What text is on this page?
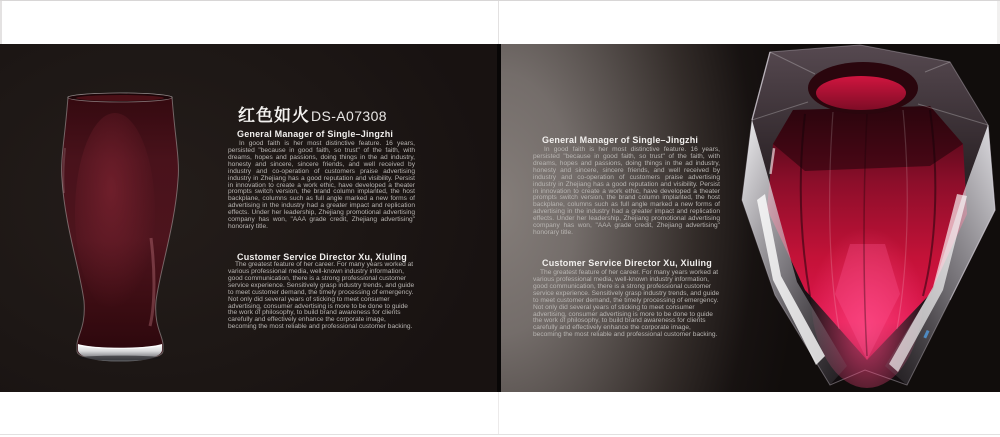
红色如火 DS-A07308
General Manager of Single–Jingzhi
In good faith is her most distinctive feature. 16 years, persisted "because in good faith, so trust" of the faith, with dreams, hopes and passions, doing things in the ad industry, honesty and sincere, sincere friends, and well received by industry and co-operation of customers praise advertising industry in Zhejiang has a good reputation and visibility. Persist in innovation to create a work ethic, have developed a theater prompts switch version, the brand column implanted, the host backplane, columns such as full angle marked a new forms of advertising in the industry had a greater impact and replication effects. Under her leadership, Zhejiang promotional advertising company has won, "AAA grade credit, Zhejiang advertising" honorary title.
Customer Service Director Xu, Xiuling
The greatest feature of her career. For many years worked at various professional media, well-known industry information, good communication, there is a strong professional customer service experience. Sensitively grasp industry trends, and guide to meet customer demand, the timely processing of emergency. Not only did several years of sticking to meet consumer advertising, consumer advertising is more to be done to guide the work of philosophy, to build brand awareness for clients carefully and effectively enhance the corporate image, becoming the most reliable and professional customer backing.
General Manager of Single–Jingzhi
In good faith is her most distinctive feature. 16 years, persisted "because in good faith, so trust" of the faith, with dreams, hopes and passions, doing things in the ad industry, honesty and sincere, sincere friends, and well received by industry and co-operation of customers praise advertising industry in Zhejiang has a good reputation and visibility. Persist in innovation to create a work ethic, have developed a theater prompts switch version, the brand column implanted, the host backplane, columns such as full angle marked a new forms of advertising in the industry had a greater impact and replication effects. Under her leadership, Zhejiang promotional advertising company has won, "AAA grade credit, Zhejiang advertising" honorary title.
Customer Service Director Xu, Xiuling
The greatest feature of her career. For many years worked at various professional media, well-known industry information, good communication, there is a strong professional customer service experience. Sensitively grasp industry trends, and guide to meet customer demand, the timely processing of emergency. Not only did several years of sticking to meet consumer advertising, consumer advertising is more to be done to guide the work of philosophy, to build brand awareness for clients carefully and effectively enhance the corporate image, becoming the most reliable and professional customer backing.
